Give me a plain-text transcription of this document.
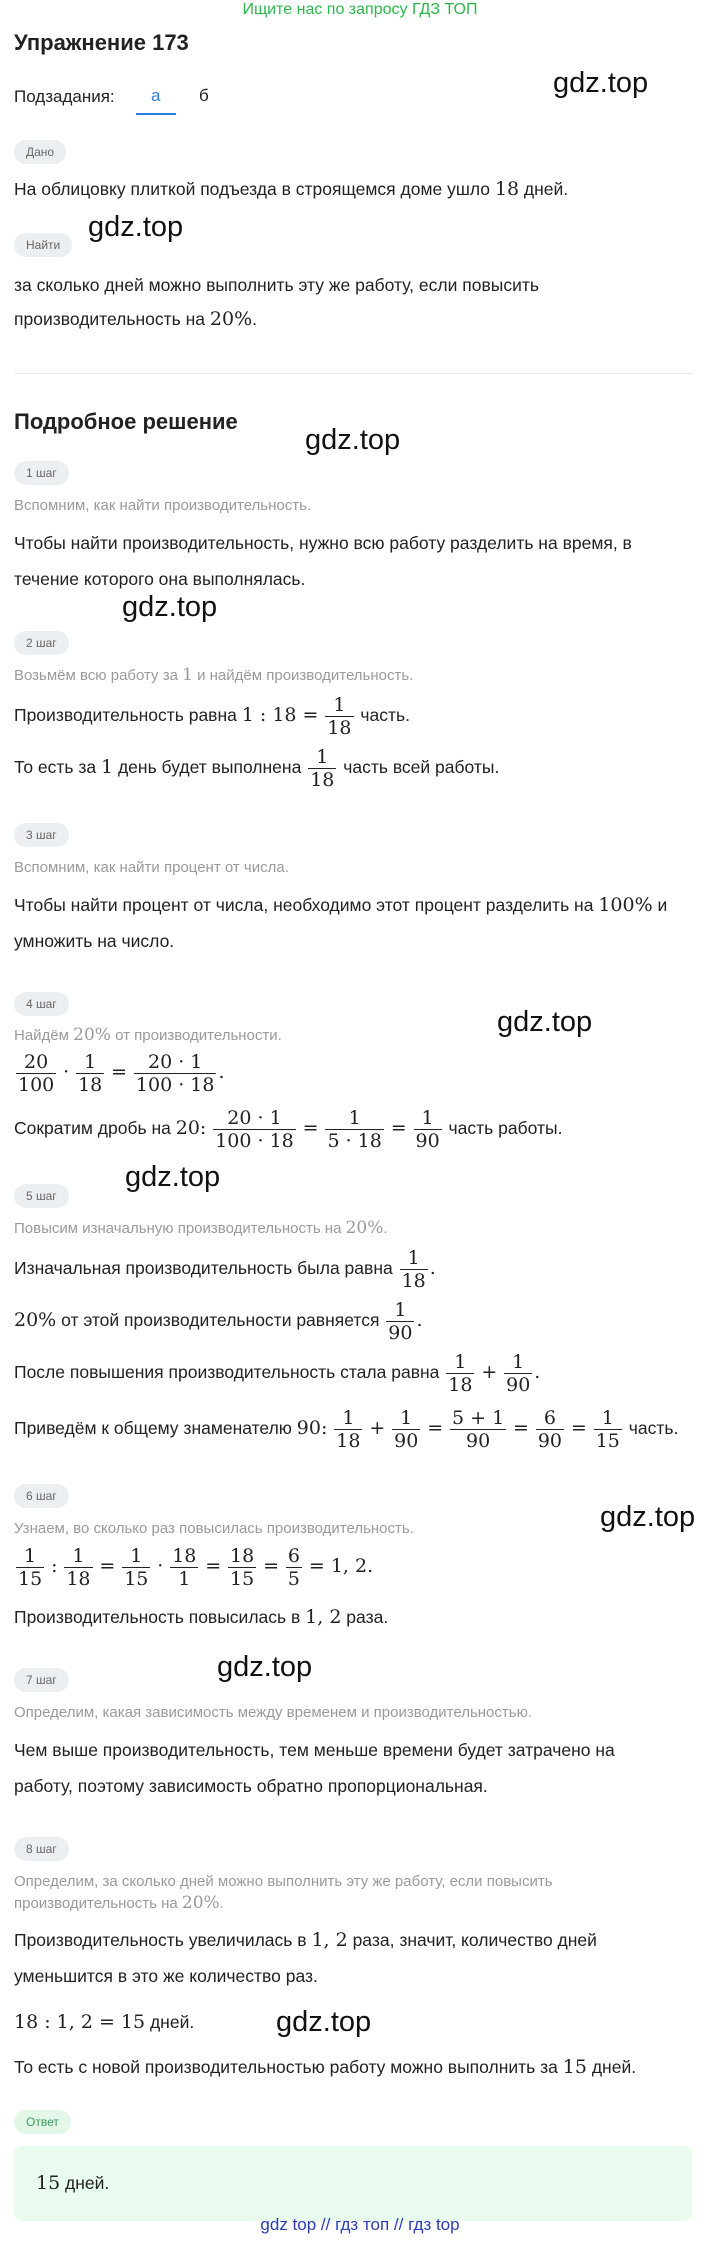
Ищите нас по запросу ГДЗ ТОП
Упражнение 173
Подзадания: а б	gdz.top
gdz.top
gdz.top
gdz.top
gdz.top
gdz.top
gdz.top
gdz.top
gdz.top
Дано
На облицовку плиткой подъезда в строящемся доме ушло 18 дней.
Найти
за сколько дней можно выполнить эту же работу, если повысить
производительность на 20%.
Подробное решение
1 шаг
Вспомним, как найти производительность.
Чтобы найти производительность, нужно всю работу разделить на время, в
течение которого она выполнялась.
2 шаг
Возьмём всю работу за 1 и найдём производительность.
Производительность равна 1 : $18 = \frac{1}{18}$ часть.
То есть за 1 день будет выполнена $\frac{1}{18}$ часть всей работы.
3 шаг
Вспомним, как найти процент от числа.
Чтобы найти процент от числа, необходимо этот процент разделить на 100% и
умножить на число.
4 шаг
Найдём 20% от производительности.
$\frac{20}{100} \cdot \frac{1}{18} = \frac{20 \cdot 1}{100 \cdot 18}$ .
Сократим дробь на 20: $\frac{20 \cdot 1}{100 \cdot 18} = \frac{1}{5 \cdot 18} = \frac{1}{90}$ часть работы.
5 шаг
Повысим изначальную производительность на 20%.
Изначальная производительность была равна $\frac{1}{18}$ .
20% от этой производительности равняется $\frac{1}{90}$ .
После повышения производительность стала равна $\frac{1}{18} + \frac{1}{90}$ .
Приведём к общему знаменателю 90: $\frac{1}{18} + \frac{1}{90} = \frac{5 + 1}{90} = \frac{6}{90} = \frac{1}{15}$ часть.
6 шаг
Узнаем, во сколько раз повысилась производительность.
$\frac{1}{15}$ : $\frac{1}{18} = \frac{1}{15} \cdot \frac{18}{1} = \frac{18}{15} = \frac{6}{5} = 1$, 2.
Производительность повысилась в 1, 2 раза.
7 шаг
Определим, какая зависимость между временем и производительностью.
Чем выше производительность, тем меньше времени будет затрачено на
работу, поэтому зависимость обратно пропорциональная.
8 шаг
Определим, за сколько дней можно выполнить эту же работу, если повысить
производительность на 20%.
Производительность увеличилась в 1, 2 раза, значит, количество дней
уменьшится в это же количество раз.
18 : 1, 2 = 15 дней.
То есть с новой производительностью работу можно выполнить за 15 дней.
Ответ
15 дней.
gdz top // гдз топ // гдз top
